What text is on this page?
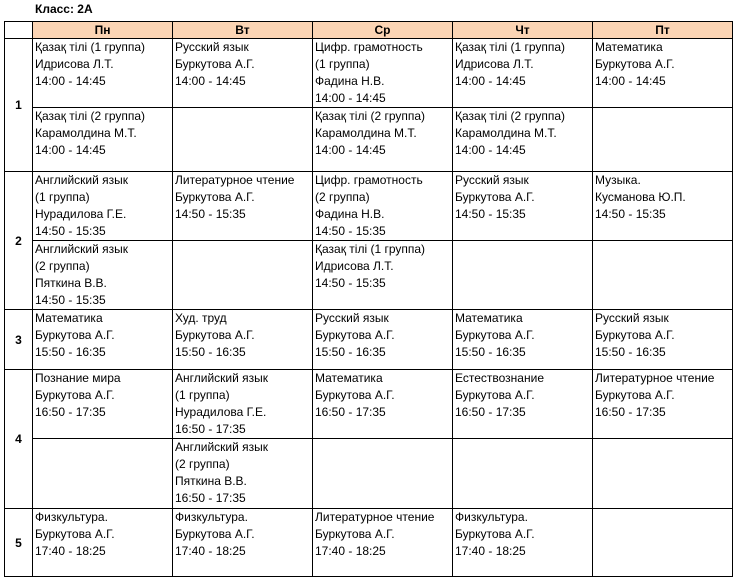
Класс: 2А
	Пн	Вт	Ср	Чт	Пт
1	Қазақ тілі (1 группа)
Идрисова Л.Т.
14:00 - 14:45	Русский язык
Буркутова А.Г.
14:00 - 14:45	Цифр. грамотность
(1 группа)
Фадина Н.В.
14:00 - 14:45	Қазақ тілі (1 группа)
Идрисова Л.Т.
14:00 - 14:45	Математика
Буркутова А.Г.
14:00 - 14:45

	Қазақ тілі (2 группа)
Карамолдина М.Т.
14:00 - 14:45		Қазақ тілі (2 группа)
Карамолдина М.Т.
14:00 - 14:45	Қазақ тілі (2 группа)
Карамолдина М.Т.
14:00 - 14:45	

2	Английский язык
(1 группа)
Нурадилова Г.Е.
14:50 - 15:35	Литературное чтение
Буркутова А.Г.
14:50 - 15:35	Цифр. грамотность
(2 группа)
Фадина Н.В.
14:50 - 15:35	Русский язык
Буркутова А.Г.
14:50 - 15:35	Музыка.
Кусманова Ю.П.
14:50 - 15:35

	Английский язык
(2 группа)
Пяткина В.В.
14:50 - 15:35		Қазақ тілі (1 группа)
Идрисова Л.Т.
14:50 - 15:35		

3	Математика
Буркутова А.Г.
15:50 - 16:35	Худ. труд
Буркутова А.Г.
15:50 - 16:35	Русский язык
Буркутова А.Г.
15:50 - 16:35	Математика
Буркутова А.Г.
15:50 - 16:35	Русский язык
Буркутова А.Г.
15:50 - 16:35

4	Познание мира
Буркутова А.Г.
16:50 - 17:35	Английский язык
(1 группа)
Нурадилова Г.Е.
16:50 - 17:35	Математика
Буркутова А.Г.
16:50 - 17:35	Естествознание
Буркутова А.Г.
16:50 - 17:35	Литературное чтение
Буркутова А.Г.
16:50 - 17:35

		Английский язык
(2 группа)
Пяткина В.В.
16:50 - 17:35			

5	Физкультура.
Буркутова А.Г.
17:40 - 18:25	Физкультура.
Буркутова А.Г.
17:40 - 18:25	Литературное чтение
Буркутова А.Г.
17:40 - 18:25	Физкультура.
Буркутова А.Г.
17:40 - 18:25	
